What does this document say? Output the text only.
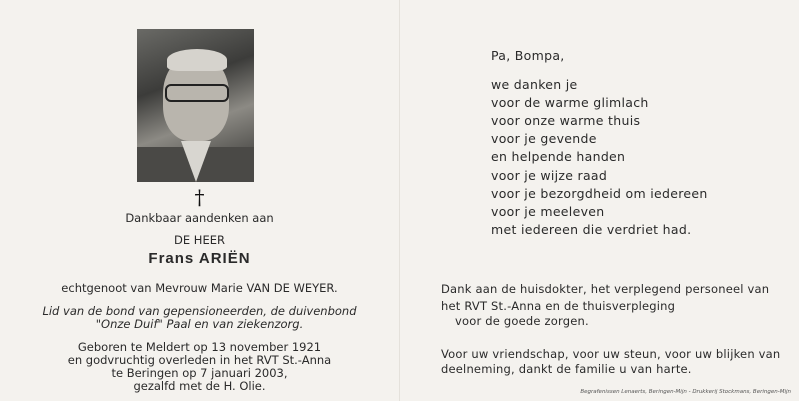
†
Dankbaar aandenken aan
DE HEER
Frans ARIËN
echtgenoot van Mevrouw Marie VAN DE WEYER.
Lid van de bond van gepensioneerden, de duivenbond
"Onze Duif" Paal en van ziekenzorg.
Geboren te Meldert op 13 november 1921
en godvruchtig overleden in het RVT St.-Anna
te Beringen op 7 januari 2003,
gezalfd met de H. Olie.
Pa, Bompa,
we danken je
voor de warme glimlach
voor onze warme thuis
voor je gevende
en helpende handen
voor je wijze raad
voor je bezorgdheid om iedereen
voor je meeleven
met iedereen die verdriet had.
Dank aan de huisdokter, het verplegend personeel van
het RVT St.-Anna en de thuisverpleging
voor de goede zorgen.
Voor uw vriendschap, voor uw steun, voor uw blijken van
deelneming, dankt de familie u van harte.
Begrafenissen Lenaerts, Beringen-Mijn - Drukkerij Stockmans, Beringen-Mijn
